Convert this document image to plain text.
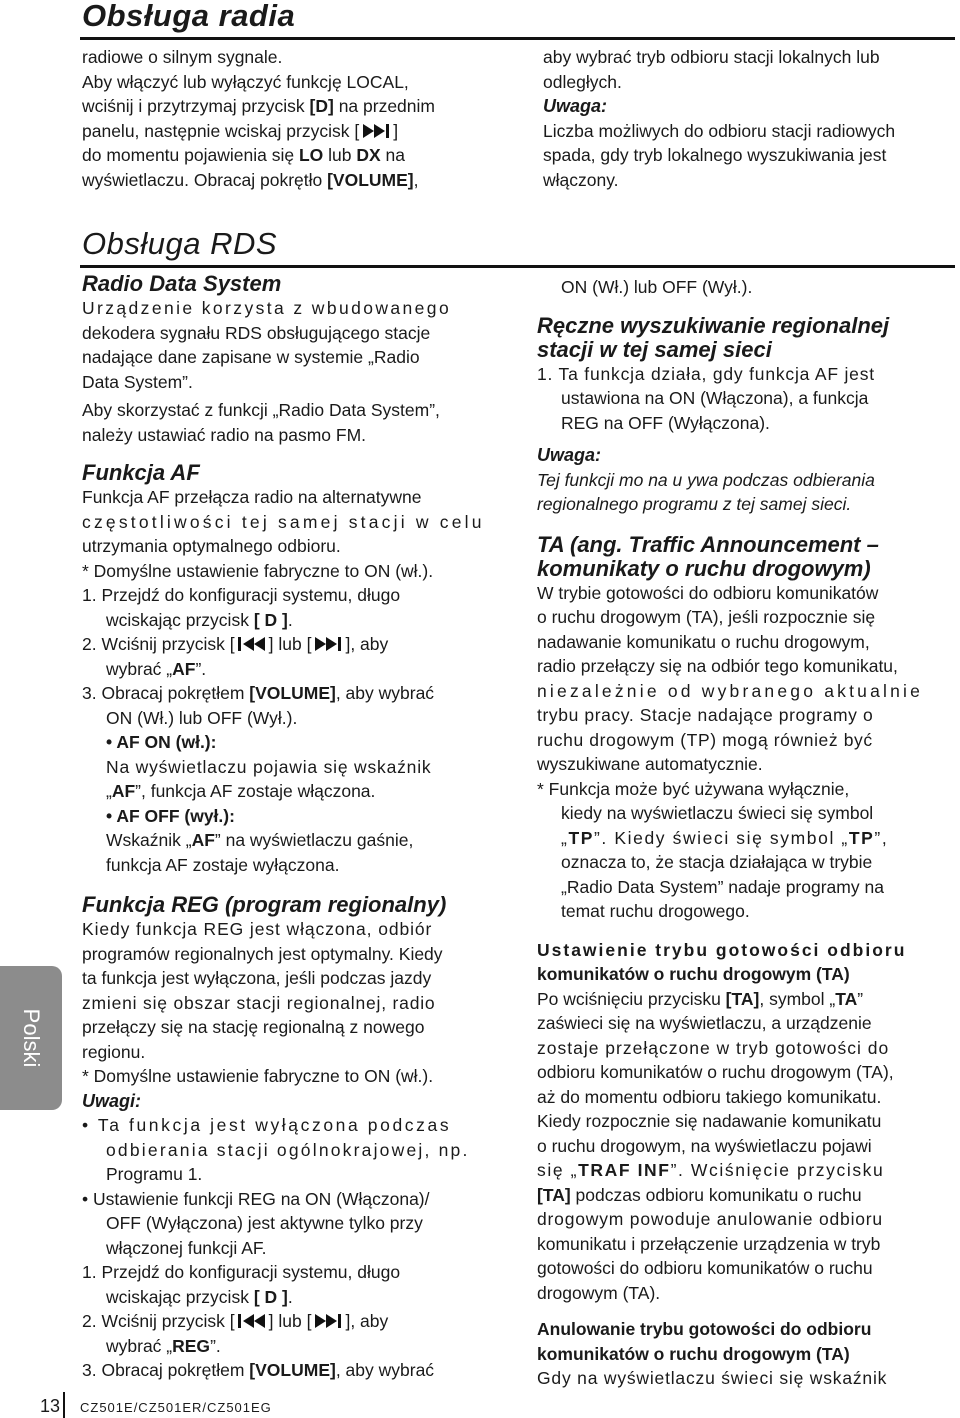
Obsługa radia

radiowe o silnym sygnale.

Aby włączyć lub wyłączyć funkcję LOCAL,

wciśnij i przytrzymaj przycisk [D] na przednim

panelu, następnie wciskaj przycisk [ ]

do momentu pojawienia się LO lub DX na

wyświetlaczu. Obracaj pokrętło [VOLUME],

aby wybrać tryb odbioru stacji lokalnych lub

odległych.

Uwaga:

Liczba możliwych do odbioru stacji radiowych

spada, gdy tryb lokalnego wyszukiwania jest

włączony.

Obsługa RDS

Radio Data System

Urządzenie korzysta z wbudowanego

dekodera sygnału RDS obsługującego stacje

nadające dane zapisane w systemie „Radio

Data System”.

Aby skorzystać z funkcji „Radio Data System”,

należy ustawiać radio na pasmo FM.

Funkcja AF

Funkcja AF przełącza radio na alternatywne

częstotliwości tej samej stacji w celu

utrzymania optymalnego odbioru.

* Domyślne ustawienie fabryczne to ON (wł.).

1. Przejdź do konfiguracji systemu, długo

wciskając przycisk [ D ].

2. Wciśnij przycisk [ ] lub [ ], aby

wybrać „AF”.

3. Obracaj pokrętłem [VOLUME], aby wybrać

ON (Wł.) lub OFF (Wył.).

• AF ON (wł.):

Na wyświetlaczu pojawia się wskaźnik

„AF”, funkcja AF zostaje włączona.

• AF OFF (wył.):

Wskaźnik „AF” na wyświetlaczu gaśnie,

funkcja AF zostaje wyłączona.

Funkcja REG (program regionalny)

Kiedy funkcja REG jest włączona, odbiór

programów regionalnych jest optymalny. Kiedy

ta funkcja jest wyłączona, jeśli podczas jazdy

zmieni się obszar stacji regionalnej, radio

przełączy się na stację regionalną z nowego

regionu.

* Domyślne ustawienie fabryczne to ON (wł.).

Uwagi:

• Ta funkcja jest wyłączona podczas

odbierania stacji ogólnokrajowej, np.

Programu 1.

• Ustawienie funkcji REG na ON (Włączona)/

OFF (Wyłączona) jest aktywne tylko przy

włączonej funkcji AF.

1. Przejdź do konfiguracji systemu, długo

wciskając przycisk [ D ].

2. Wciśnij przycisk [ ] lub [ ], aby

wybrać „REG”.

3. Obracaj pokrętłem [VOLUME], aby wybrać

ON (Wł.) lub OFF (Wył.).

Ręczne wyszukiwanie regionalnej

stacji w tej samej sieci

1. Ta funkcja działa, gdy funkcja AF jest

ustawiona na ON (Włączona), a funkcja

REG na OFF (Wyłączona).

Uwaga:

Tej funkcji mo na u ywa podczas odbierania

regionalnego programu z tej samej sieci.

TA (ang. Traffic Announcement –

komunikaty o ruchu drogowym)

W trybie gotowości do odbioru komunikatów

o ruchu drogowym (TA), jeśli rozpocznie się

nadawanie komunikatu o ruchu drogowym,

radio przełączy się na odbiór tego komunikatu,

niezależnie od wybranego aktualnie

trybu pracy. Stacje nadające programy o

ruchu drogowym (TP) mogą również być

wyszukiwane automatycznie.

* Funkcja może być używana wyłącznie,

kiedy na wyświetlaczu świeci się symbol

„TP”. Kiedy świeci się symbol „TP”,

oznacza to, że stacja działająca w trybie

„Radio Data System” nadaje programy na

temat ruchu drogowego.

Ustawienie trybu gotowości odbioru

komunikatów o ruchu drogowym (TA)

Po wciśnięciu przycisku [TA], symbol „TA”

zaświeci się na wyświetlaczu, a urządzenie

zostaje przełączone w tryb gotowości do

odbioru komunikatów o ruchu drogowym (TA),

aż do momentu odbioru takiego komunikatu.

Kiedy rozpocznie się nadawanie komunikatu

o ruchu drogowym, na wyświetlaczu pojawi

się „TRAF INF”. Wciśnięcie przycisku

[TA] podczas odbioru komunikatu o ruchu

drogowym powoduje anulowanie odbioru

komunikatu i przełączenie urządzenia w tryb

gotowości do odbioru komunikatów o ruchu

drogowym (TA).

Anulowanie trybu gotowości do odbioru

komunikatów o ruchu drogowym (TA)

Gdy na wyświetlaczu świeci się wskaźnik

Polski
13 CZ501E/CZ501ER/CZ501EG
